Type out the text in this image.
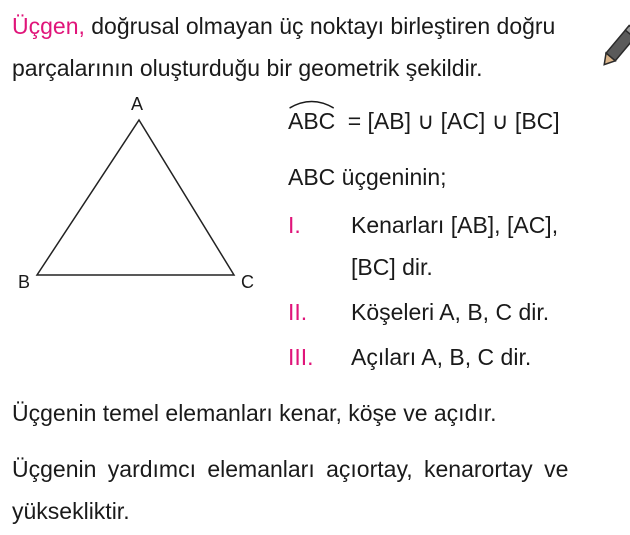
Üçgen, doğrusal olmayan üç noktayı birleştiren doğru
parçalarının oluşturduğu bir geometrik şekildir.
A
B	C
ABC = [AB] ∪ [AC] ∪ [BC]
ABC üçgeninin;
I. Kenarları [AB], [AC],
[BC] dir.
II. Köşeleri A, B, C dir.
III. Açıları A, B, C dir.
Üçgenin temel elemanları kenar, köşe ve açıdır.
Üçgenin yardımcı elemanları açıortay, kenarortay ve
yüksekliktir.
